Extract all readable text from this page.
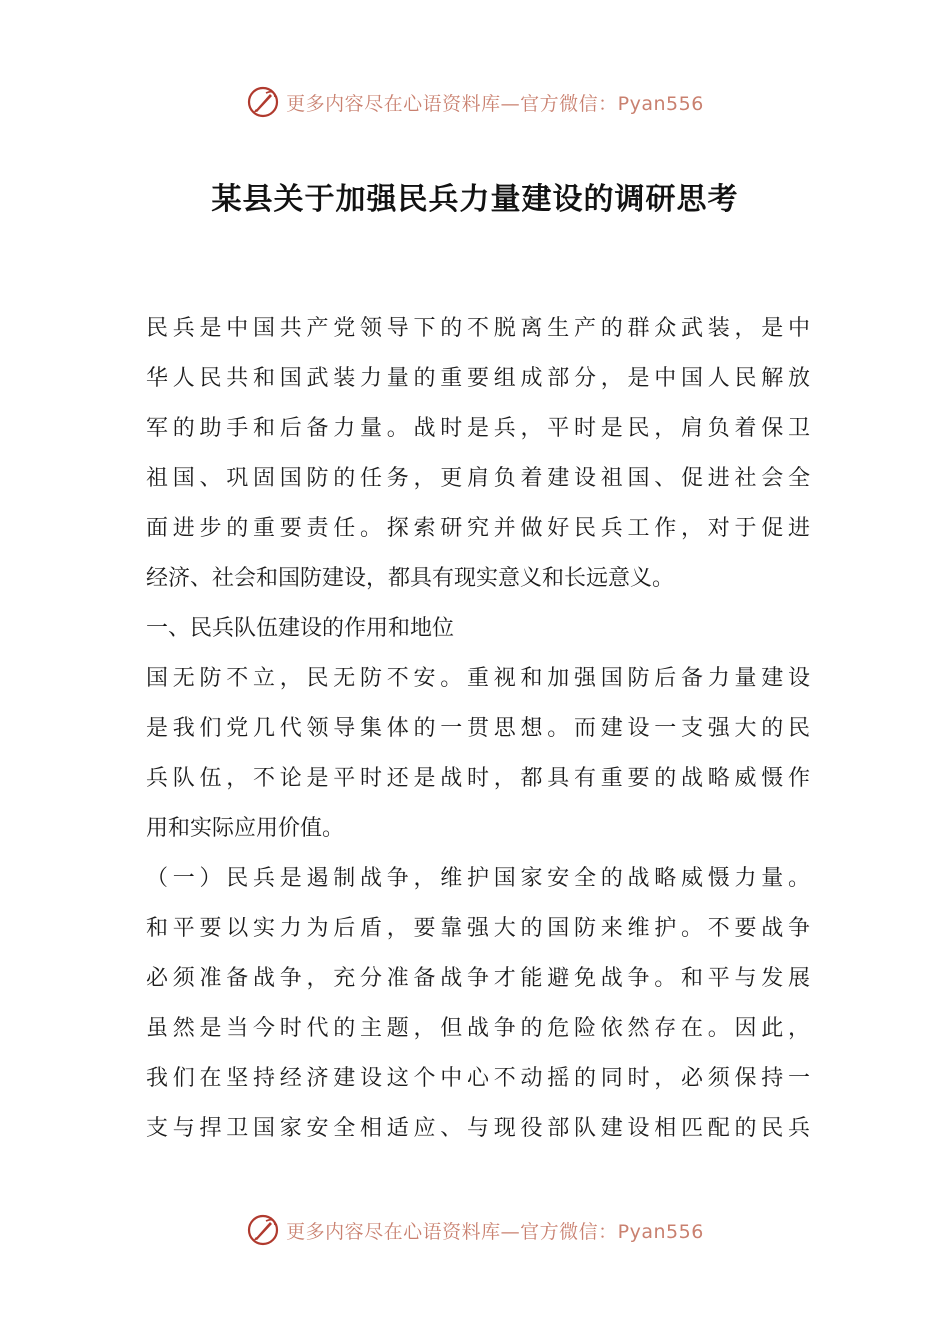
更多内容尽在心语资料库—官方微信：Pyan556
某县关于加强民兵力量建设的调研思考
民兵是中国共产党领导下的不脱离生产的群众武装，是中
华人民共和国武装力量的重要组成部分，是中国人民解放
军的助手和后备力量。战时是兵，平时是民，肩负着保卫
祖国、巩固国防的任务，更肩负着建设祖国、促进社会全
面进步的重要责任。探索研究并做好民兵工作，对于促进
经济、社会和国防建设，都具有现实意义和长远意义。
一、民兵队伍建设的作用和地位
国无防不立，民无防不安。重视和加强国防后备力量建设
是我们党几代领导集体的一贯思想。而建设一支强大的民
兵队伍，不论是平时还是战时，都具有重要的战略威慑作
用和实际应用价值。
（一）民兵是遏制战争，维护国家安全的战略威慑力量。
和平要以实力为后盾，要靠强大的国防来维护。不要战争
必须准备战争，充分准备战争才能避免战争。和平与发展
虽然是当今时代的主题，但战争的危险依然存在。因此，
我们在坚持经济建设这个中心不动摇的同时，必须保持一
支与捍卫国家安全相适应、与现役部队建设相匹配的民兵
更多内容尽在心语资料库—官方微信：Pyan556
